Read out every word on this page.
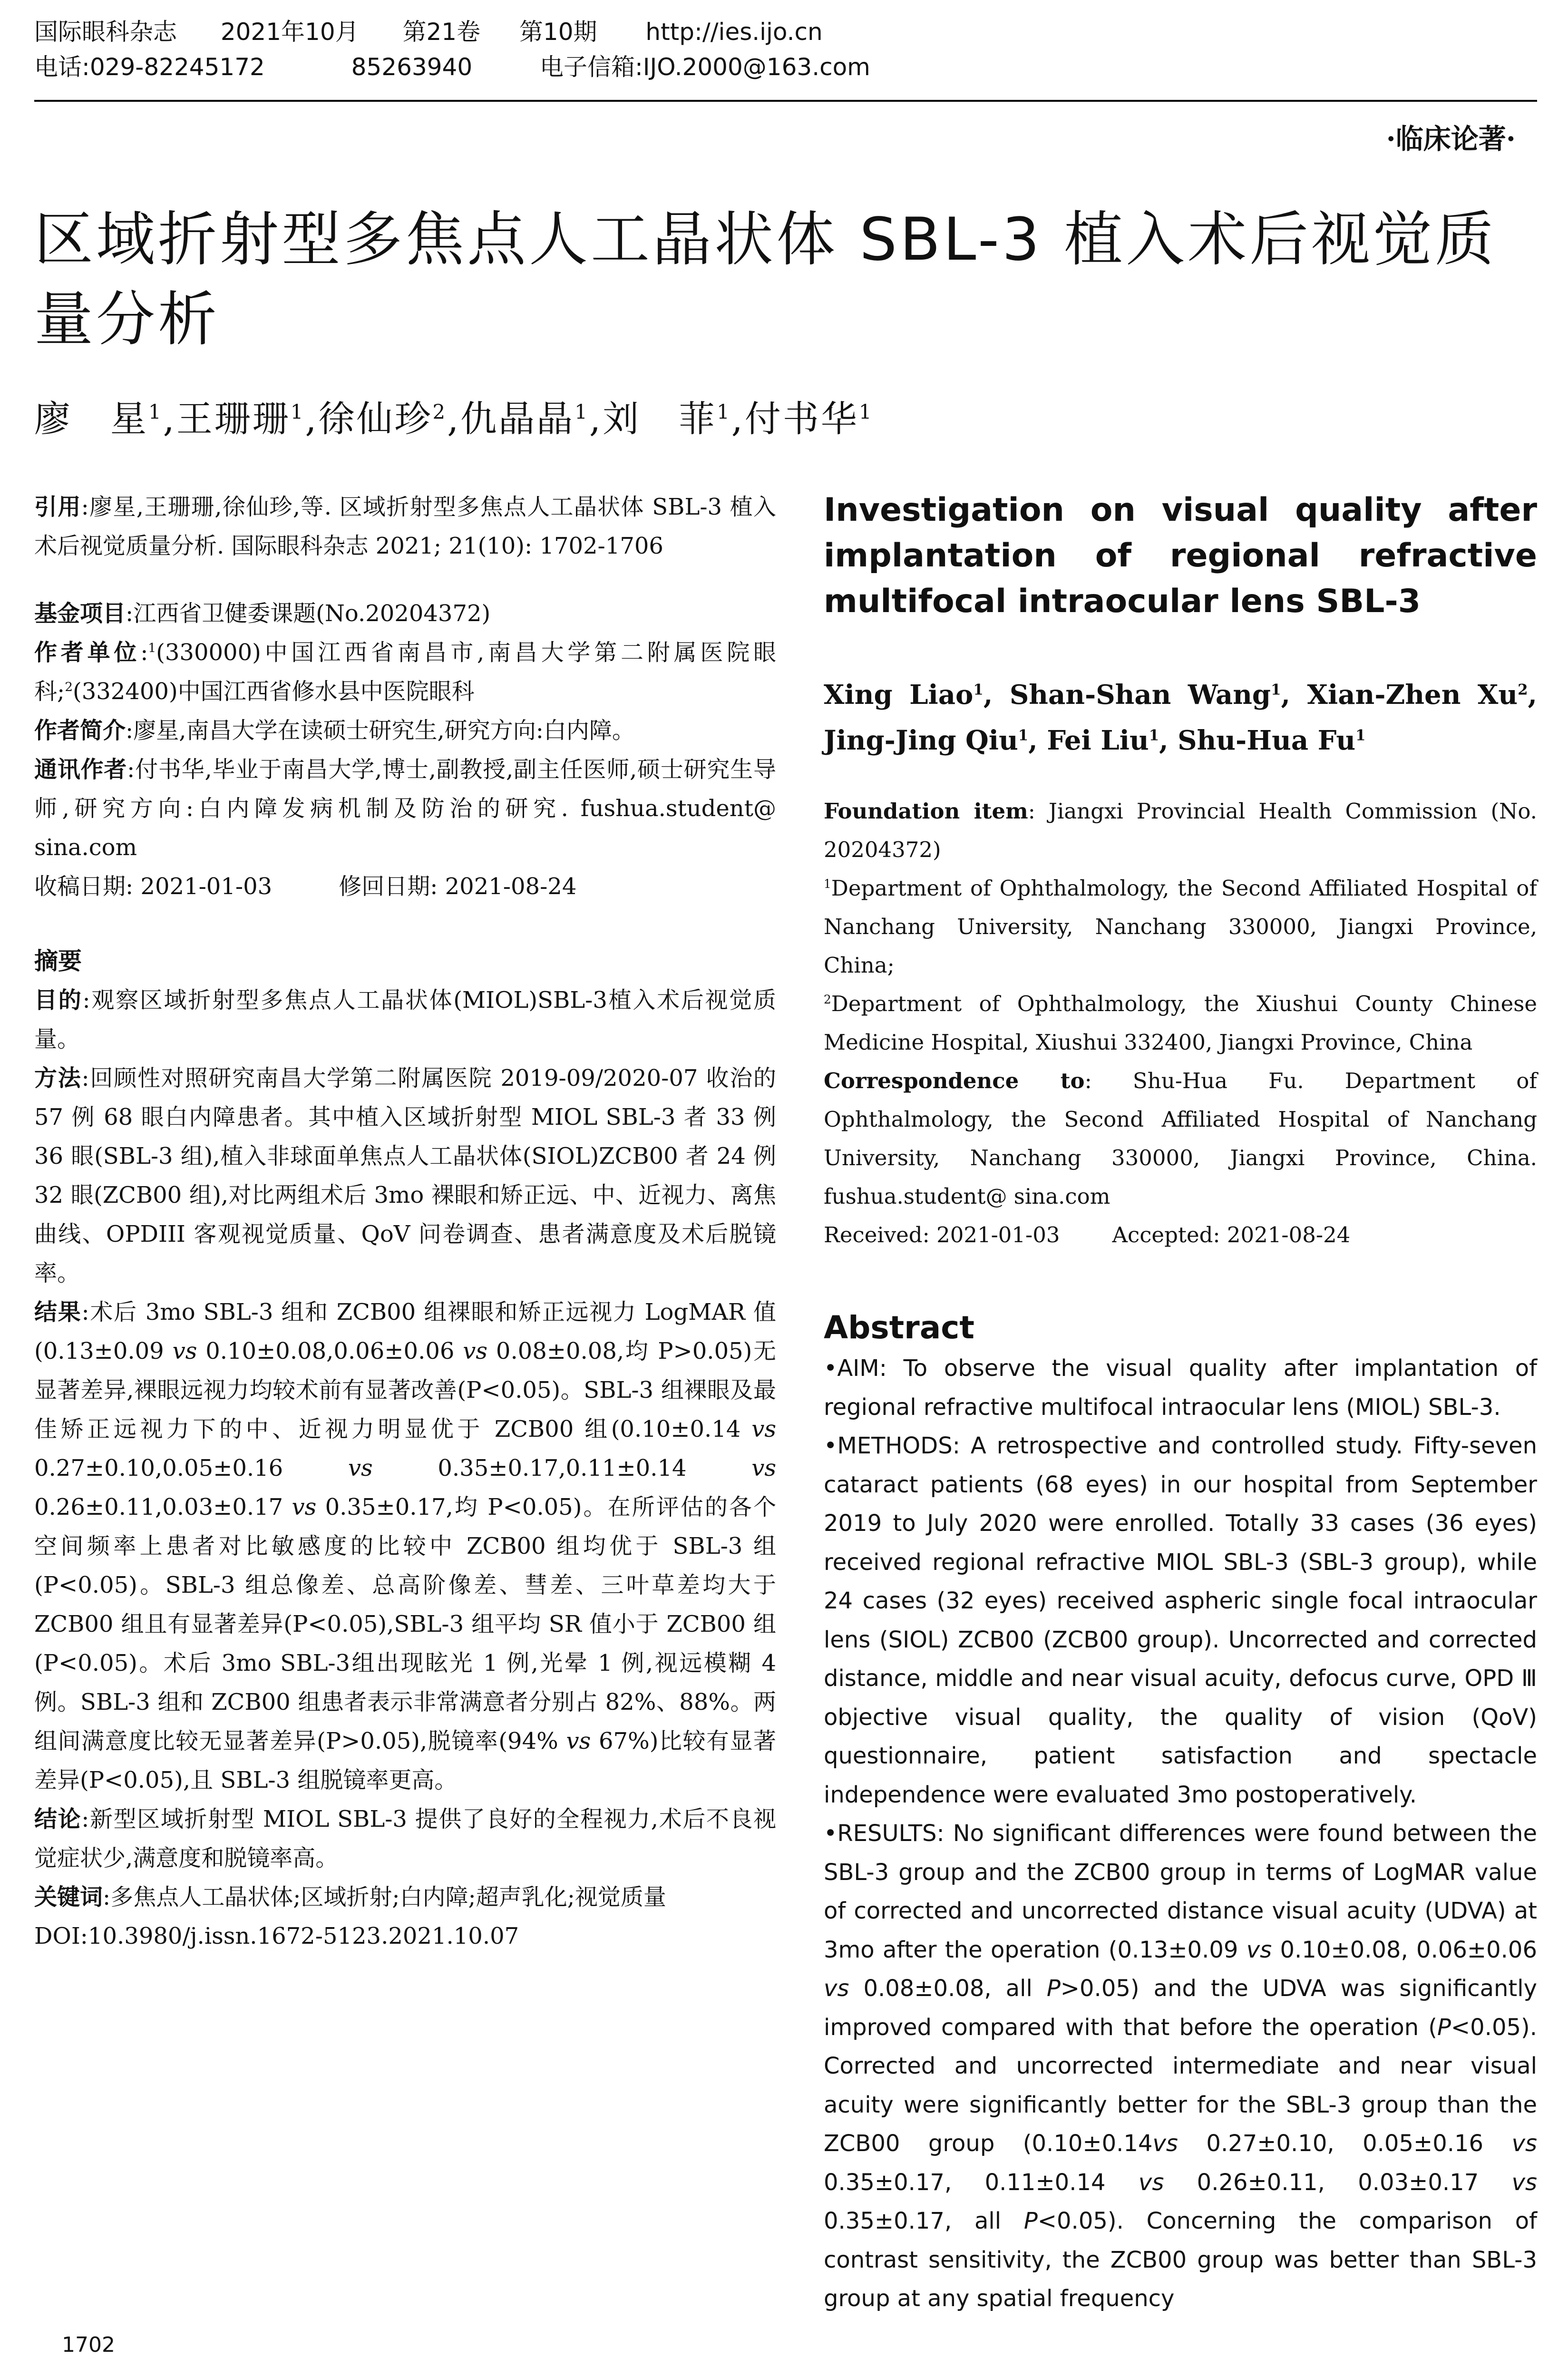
国际眼科杂志 2021年10月 第21卷 第10期 http://ies.ijo.cn
电话:029-82245172	85263940	电子信箱:IJO.2000@163.com
·临床论著·
区域折射型多焦点人工晶状体 SBL-3 植入术后视觉质量分析
廖　星$^1$,王珊珊$^1$,徐仙珍$^2$,仇晶晶$^1$,刘　菲$^1$,付书华$^1$

引用:廖星,王珊珊,徐仙珍,等. 区域折射型多焦点人工晶状体 SBL-3 植入术后视觉质量分析. 国际眼科杂志 2021; 21(10): 1702-1706

基金项目:江西省卫健委课题(No.20204372)

作者单位:$^1$(330000)中国江西省南昌市,南昌大学第二附属医院眼科;$^2$(332400)中国江西省修水县中医院眼科

作者简介:廖星,南昌大学在读硕士研究生,研究方向:白内障。

通讯作者:付书华,毕业于南昌大学,博士,副教授,副主任医师,硕士研究生导师,研究方向:白内障发病机制及防治的研究. fushua.student@ sina.com

收稿日期: 2021-01-03	修回日期: 2021-08-24

摘要

目的:观察区域折射型多焦点人工晶状体(MIOL)SBL-3植入术后视觉质量。

方法:回顾性对照研究南昌大学第二附属医院 2019-09/2020-07 收治的 57 例 68 眼白内障患者。其中植入区域折射型 MIOL SBL-3 者 33 例 36 眼(SBL-3 组),植入非球面单焦点人工晶状体(SIOL)ZCB00 者 24 例 32 眼(ZCB00 组),对比两组术后 3mo 裸眼和矫正远、中、近视力、离焦曲线、OPDIII 客观视觉质量、QoV 问卷调查、患者满意度及术后脱镜率。

结果:术后 3mo SBL-3 组和 ZCB00 组裸眼和矫正远视力 LogMAR 值(0.13±0.09 vs 0.10±0.08,0.06±0.06 vs 0.08±0.08,均 P>0.05)无显著差异,裸眼远视力均较术前有显著改善(P<0.05)。SBL-3 组裸眼及最佳矫正远视力下的中、近视力明显优于 ZCB00 组(0.10±0.14 vs 0.27±0.10,0.05±0.16 vs 0.35±0.17,0.11±0.14 vs 0.26±0.11,0.03±0.17 vs 0.35±0.17,均 P<0.05)。在所评估的各个空间频率上患者对比敏感度的比较中 ZCB00 组均优于 SBL-3 组(P<0.05)。SBL-3 组总像差、总高阶像差、彗差、三叶草差均大于 ZCB00 组且有显著差异(P<0.05),SBL-3 组平均 SR 值小于 ZCB00 组(P<0.05)。术后 3mo SBL-3组出现眩光 1 例,光晕 1 例,视远模糊 4 例。SBL-3 组和 ZCB00 组患者表示非常满意者分别占 82%、88%。两组间满意度比较无显著差异(P>0.05),脱镜率(94% vs 67%)比较有显著差异(P<0.05),且 SBL-3 组脱镜率更高。

结论:新型区域折射型 MIOL SBL-3 提供了良好的全程视力,术后不良视觉症状少,满意度和脱镜率高。

关键词:多焦点人工晶状体;区域折射;白内障;超声乳化;视觉质量

DOI:10.3980/j.issn.1672-5123.2021.10.07

Investigation on visual quality after implantation of regional refractive multifocal intraocular lens SBL-3

Xing Liao$^1$, Shan-Shan Wang$^1$, Xian-Zhen Xu$^2$, Jing-Jing Qiu$^1$, Fei Liu$^1$, Shu-Hua Fu$^1$

Foundation item: Jiangxi Provincial Health Commission (No. 20204372)

$^1$Department of Ophthalmology, the Second Affiliated Hospital of Nanchang University, Nanchang 330000, Jiangxi Province, China;

$^2$Department of Ophthalmology, the Xiushui County Chinese Medicine Hospital, Xiushui 332400, Jiangxi Province, China

Correspondence to: Shu-Hua Fu. Department of Ophthalmology, the Second Affiliated Hospital of Nanchang University, Nanchang 330000, Jiangxi Province, China. fushua.student@ sina.com

Received: 2021-01-03 Accepted: 2021-08-24

Abstract

• AIM: To observe the visual quality after implantation of regional refractive multifocal intraocular lens (MIOL) SBL-3.

• METHODS: A retrospective and controlled study. Fifty-seven cataract patients (68 eyes) in our hospital from September 2019 to July 2020 were enrolled. Totally 33 cases (36 eyes) received regional refractive MIOL SBL-3 (SBL-3 group), while 24 cases (32 eyes) received aspheric single focal intraocular lens (SIOL) ZCB00 (ZCB00 group). Uncorrected and corrected distance, middle and near visual acuity, defocus curve, OPD Ⅲ objective visual quality, the quality of vision (QoV) questionnaire, patient satisfaction and spectacle independence were evaluated 3mo postoperatively.

• RESULTS: No significant differences were found between the SBL-3 group and the ZCB00 group in terms of LogMAR value of corrected and uncorrected distance visual acuity (UDVA) at 3mo after the operation (0.13±0.09 vs 0.10±0.08, 0.06±0.06 vs 0.08±0.08, all P>0.05) and the UDVA was significantly improved compared with that before the operation (P<0.05). Corrected and uncorrected intermediate and near visual acuity were significantly better for the SBL-3 group than the ZCB00 group (0.10±0.14vs 0.27±0.10, 0.05±0.16 vs 0.35±0.17, 0.11±0.14 vs 0.26±0.11, 0.03±0.17 vs 0.35±0.17, all P<0.05). Concerning the comparison of contrast sensitivity, the ZCB00 group was better than SBL-3 group at any spatial frequency

1702
